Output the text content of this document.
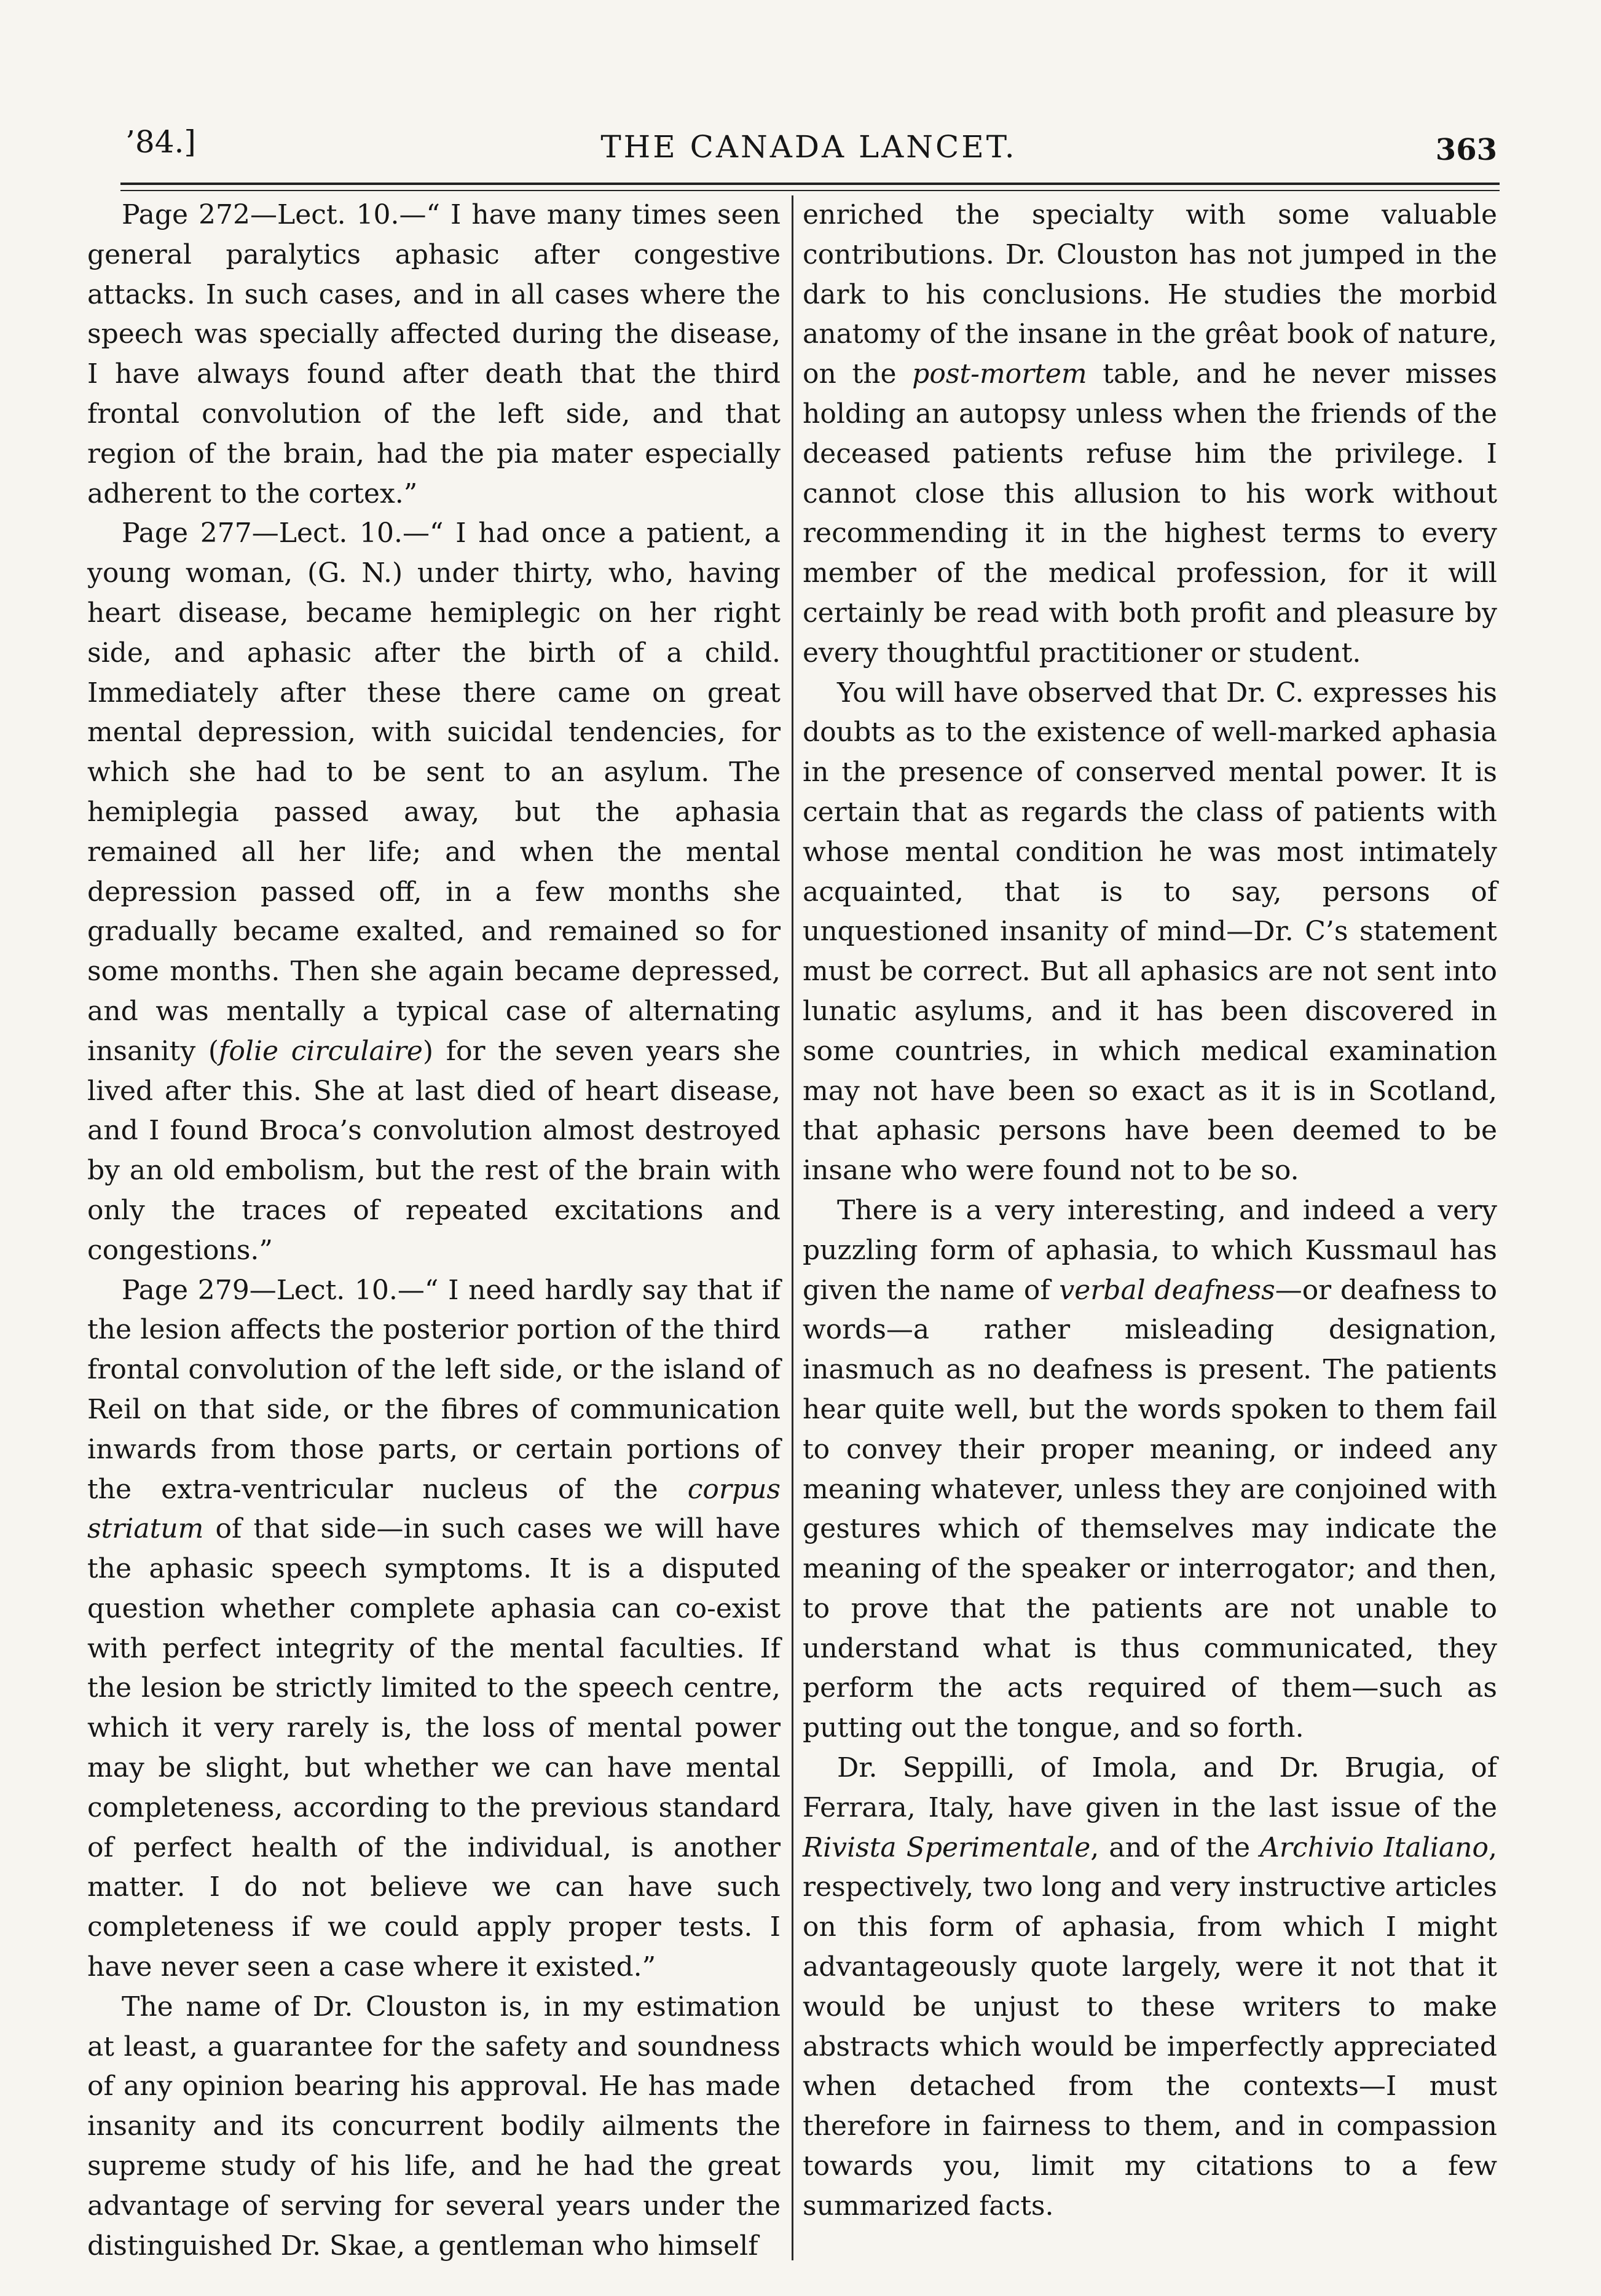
’84.]	THE CANADA LANCET.	363

Page 272—Lect. 10.—“ I have many times seen general paralytics aphasic after congestive attacks. In such cases, and in all cases where the speech was specially affected during the disease, I have always found after death that the third frontal convolution of the left side, and that region of the brain, had the pia mater especially adherent to the cortex.”

Page 277—Lect. 10.—“ I had once a patient, a young woman, (G. N.) under thirty, who, having heart disease, became hemiplegic on her right side, and aphasic after the birth of a child. Immediately after these there came on great mental depression, with suicidal tendencies, for which she had to be sent to an asylum. The hemiplegia passed away, but the aphasia remained all her life; and when the mental depression passed off, in a few months she gradually became exalted, and remained so for some months. Then she again became depressed, and was mentally a typical case of alternating insanity (folie circulaire) for the seven years she lived after this. She at last died of heart disease, and I found Broca’s convolution almost destroyed by an old embolism, but the rest of the brain with only the traces of repeated excitations and congestions.”

Page 279—Lect. 10.—“ I need hardly say that if the lesion affects the posterior portion of the third frontal convolution of the left side, or the island of Reil on that side, or the fibres of communication inwards from those parts, or certain portions of the extra-ventricular nucleus of the corpus striatum of that side—in such cases we will have the aphasic speech symptoms. It is a disputed question whether complete aphasia can co-exist with perfect integrity of the mental faculties. If the lesion be strictly limited to the speech centre, which it very rarely is, the loss of mental power may be slight, but whether we can have mental completeness, according to the previous standard of perfect health of the individual, is another matter. I do not believe we can have such completeness if we could apply proper tests. I have never seen a case where it existed.”

The name of Dr. Clouston is, in my estimation at least, a guarantee for the safety and soundness of any opinion bearing his approval. He has made insanity and its concurrent bodily ailments the supreme study of his life, and he had the great advantage of serving for several years under the distinguished Dr. Skae, a gentleman who himself

enriched the specialty with some valuable contributions. Dr. Clouston has not jumped in the dark to his conclusions. He studies the morbid anatomy of the insane in the grêat book of nature, on the post-mortem table, and he never misses holding an autopsy unless when the friends of the deceased patients refuse him the privilege. I cannot close this allusion to his work without recommending it in the highest terms to every member of the medical profession, for it will certainly be read with both profit and pleasure by every thoughtful practitioner or student.

You will have observed that Dr. C. expresses his doubts as to the existence of well-marked aphasia in the presence of conserved mental power. It is certain that as regards the class of patients with whose mental condition he was most intimately acquainted, that is to say, persons of unquestioned insanity of mind—Dr. C’s statement must be correct. But all aphasics are not sent into lunatic asylums, and it has been discovered in some countries, in which medical examination may not have been so exact as it is in Scotland, that aphasic persons have been deemed to be insane who were found not to be so.

There is a very interesting, and indeed a very puzzling form of aphasia, to which Kussmaul has given the name of verbal deafness—or deafness to words—a rather misleading designation, inasmuch as no deafness is present. The patients hear quite well, but the words spoken to them fail to convey their proper meaning, or indeed any meaning whatever, unless they are conjoined with gestures which of themselves may indicate the meaning of the speaker or interrogator; and then, to prove that the patients are not unable to understand what is thus communicated, they perform the acts required of them—such as putting out the tongue, and so forth.

Dr. Seppilli, of Imola, and Dr. Brugia, of Ferrara, Italy, have given in the last issue of the Rivista Sperimentale, and of the Archivio Italiano, respectively, two long and very instructive articles on this form of aphasia, from which I might advantageously quote largely, were it not that it would be unjust to these writers to make abstracts which would be imperfectly appreciated when detached from the contexts—I must therefore in fairness to them, and in compassion towards you, limit my citations to a few summarized facts.
